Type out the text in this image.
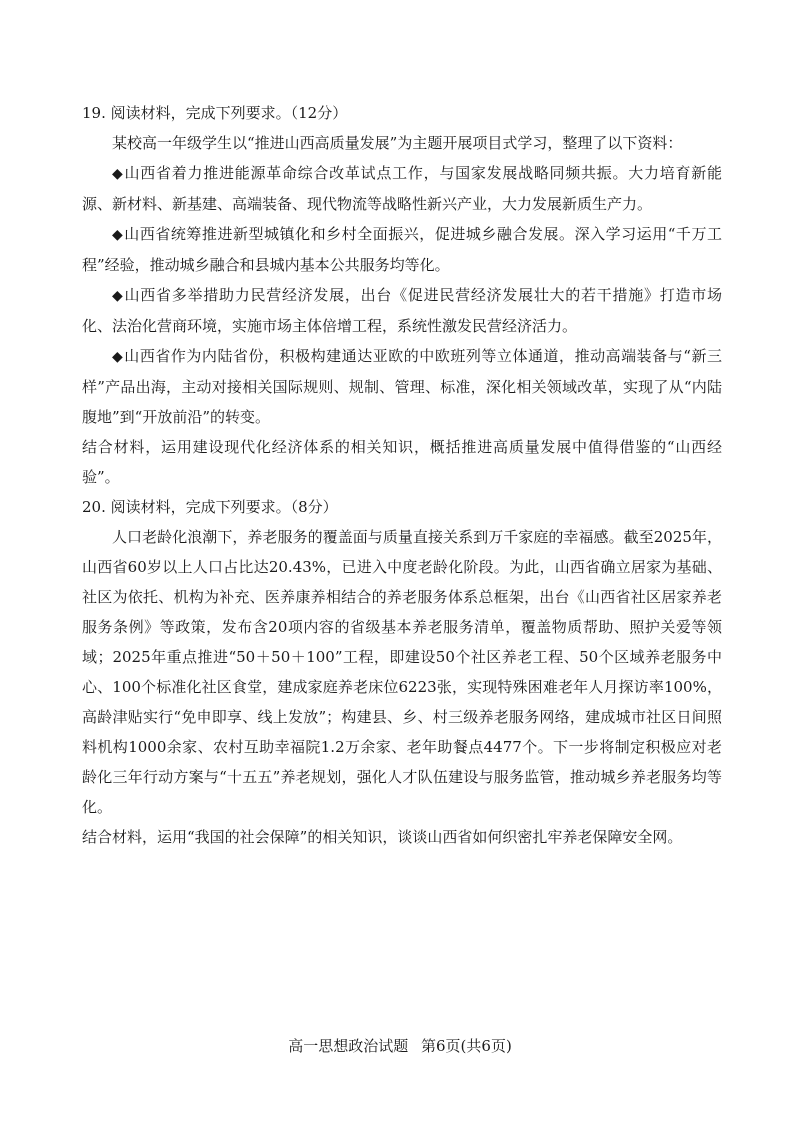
19. 阅读材料，完成下列要求。（12分）

某校高一年级学生以“推进山西高质量发展”为主题开展项目式学习，整理了以下资料：

◆山西省着力推进能源革命综合改革试点工作，与国家发展战略同频共振。大力培育新能源、新材料、新基建、高端装备、现代物流等战略性新兴产业，大力发展新质生产力。

◆山西省统筹推进新型城镇化和乡村全面振兴，促进城乡融合发展。深入学习运用“千万工程”经验，推动城乡融合和县城内基本公共服务均等化。

◆山西省多举措助力民营经济发展，出台《促进民营经济发展壮大的若干措施》打造市场化、法治化营商环境，实施市场主体倍增工程，系统性激发民营经济活力。

◆山西省作为内陆省份，积极构建通达亚欧的中欧班列等立体通道，推动高端装备与“新三样”产品出海，主动对接相关国际规则、规制、管理、标准，深化相关领域改革，实现了从“内陆腹地”到“开放前沿”的转变。

结合材料，运用建设现代化经济体系的相关知识，概括推进高质量发展中值得借鉴的“山西经验”。

20. 阅读材料，完成下列要求。（8分）

人口老龄化浪潮下，养老服务的覆盖面与质量直接关系到万千家庭的幸福感。截至2025年，山西省60岁以上人口占比达20.43%，已进入中度老龄化阶段。为此，山西省确立居家为基础、社区为依托、机构为补充、医养康养相结合的养老服务体系总框架，出台《山西省社区居家养老服务条例》等政策，发布含20项内容的省级基本养老服务清单，覆盖物质帮助、照护关爱等领域；2025年重点推进“50＋50＋100”工程，即建设50个社区养老工程、50个区域养老服务中心、100个标准化社区食堂，建成家庭养老床位6223张，实现特殊困难老年人月探访率100%，高龄津贴实行“免申即享、线上发放”；构建县、乡、村三级养老服务网络，建成城市社区日间照料机构1000余家、农村互助幸福院1.2万余家、老年助餐点4477个。下一步将制定积极应对老龄化三年行动方案与“十五五”养老规划，强化人才队伍建设与服务监管，推动城乡养老服务均等化。

结合材料，运用“我国的社会保障”的相关知识，谈谈山西省如何织密扎牢养老保障安全网。

高一思想政治试题 第6页(共6页)
